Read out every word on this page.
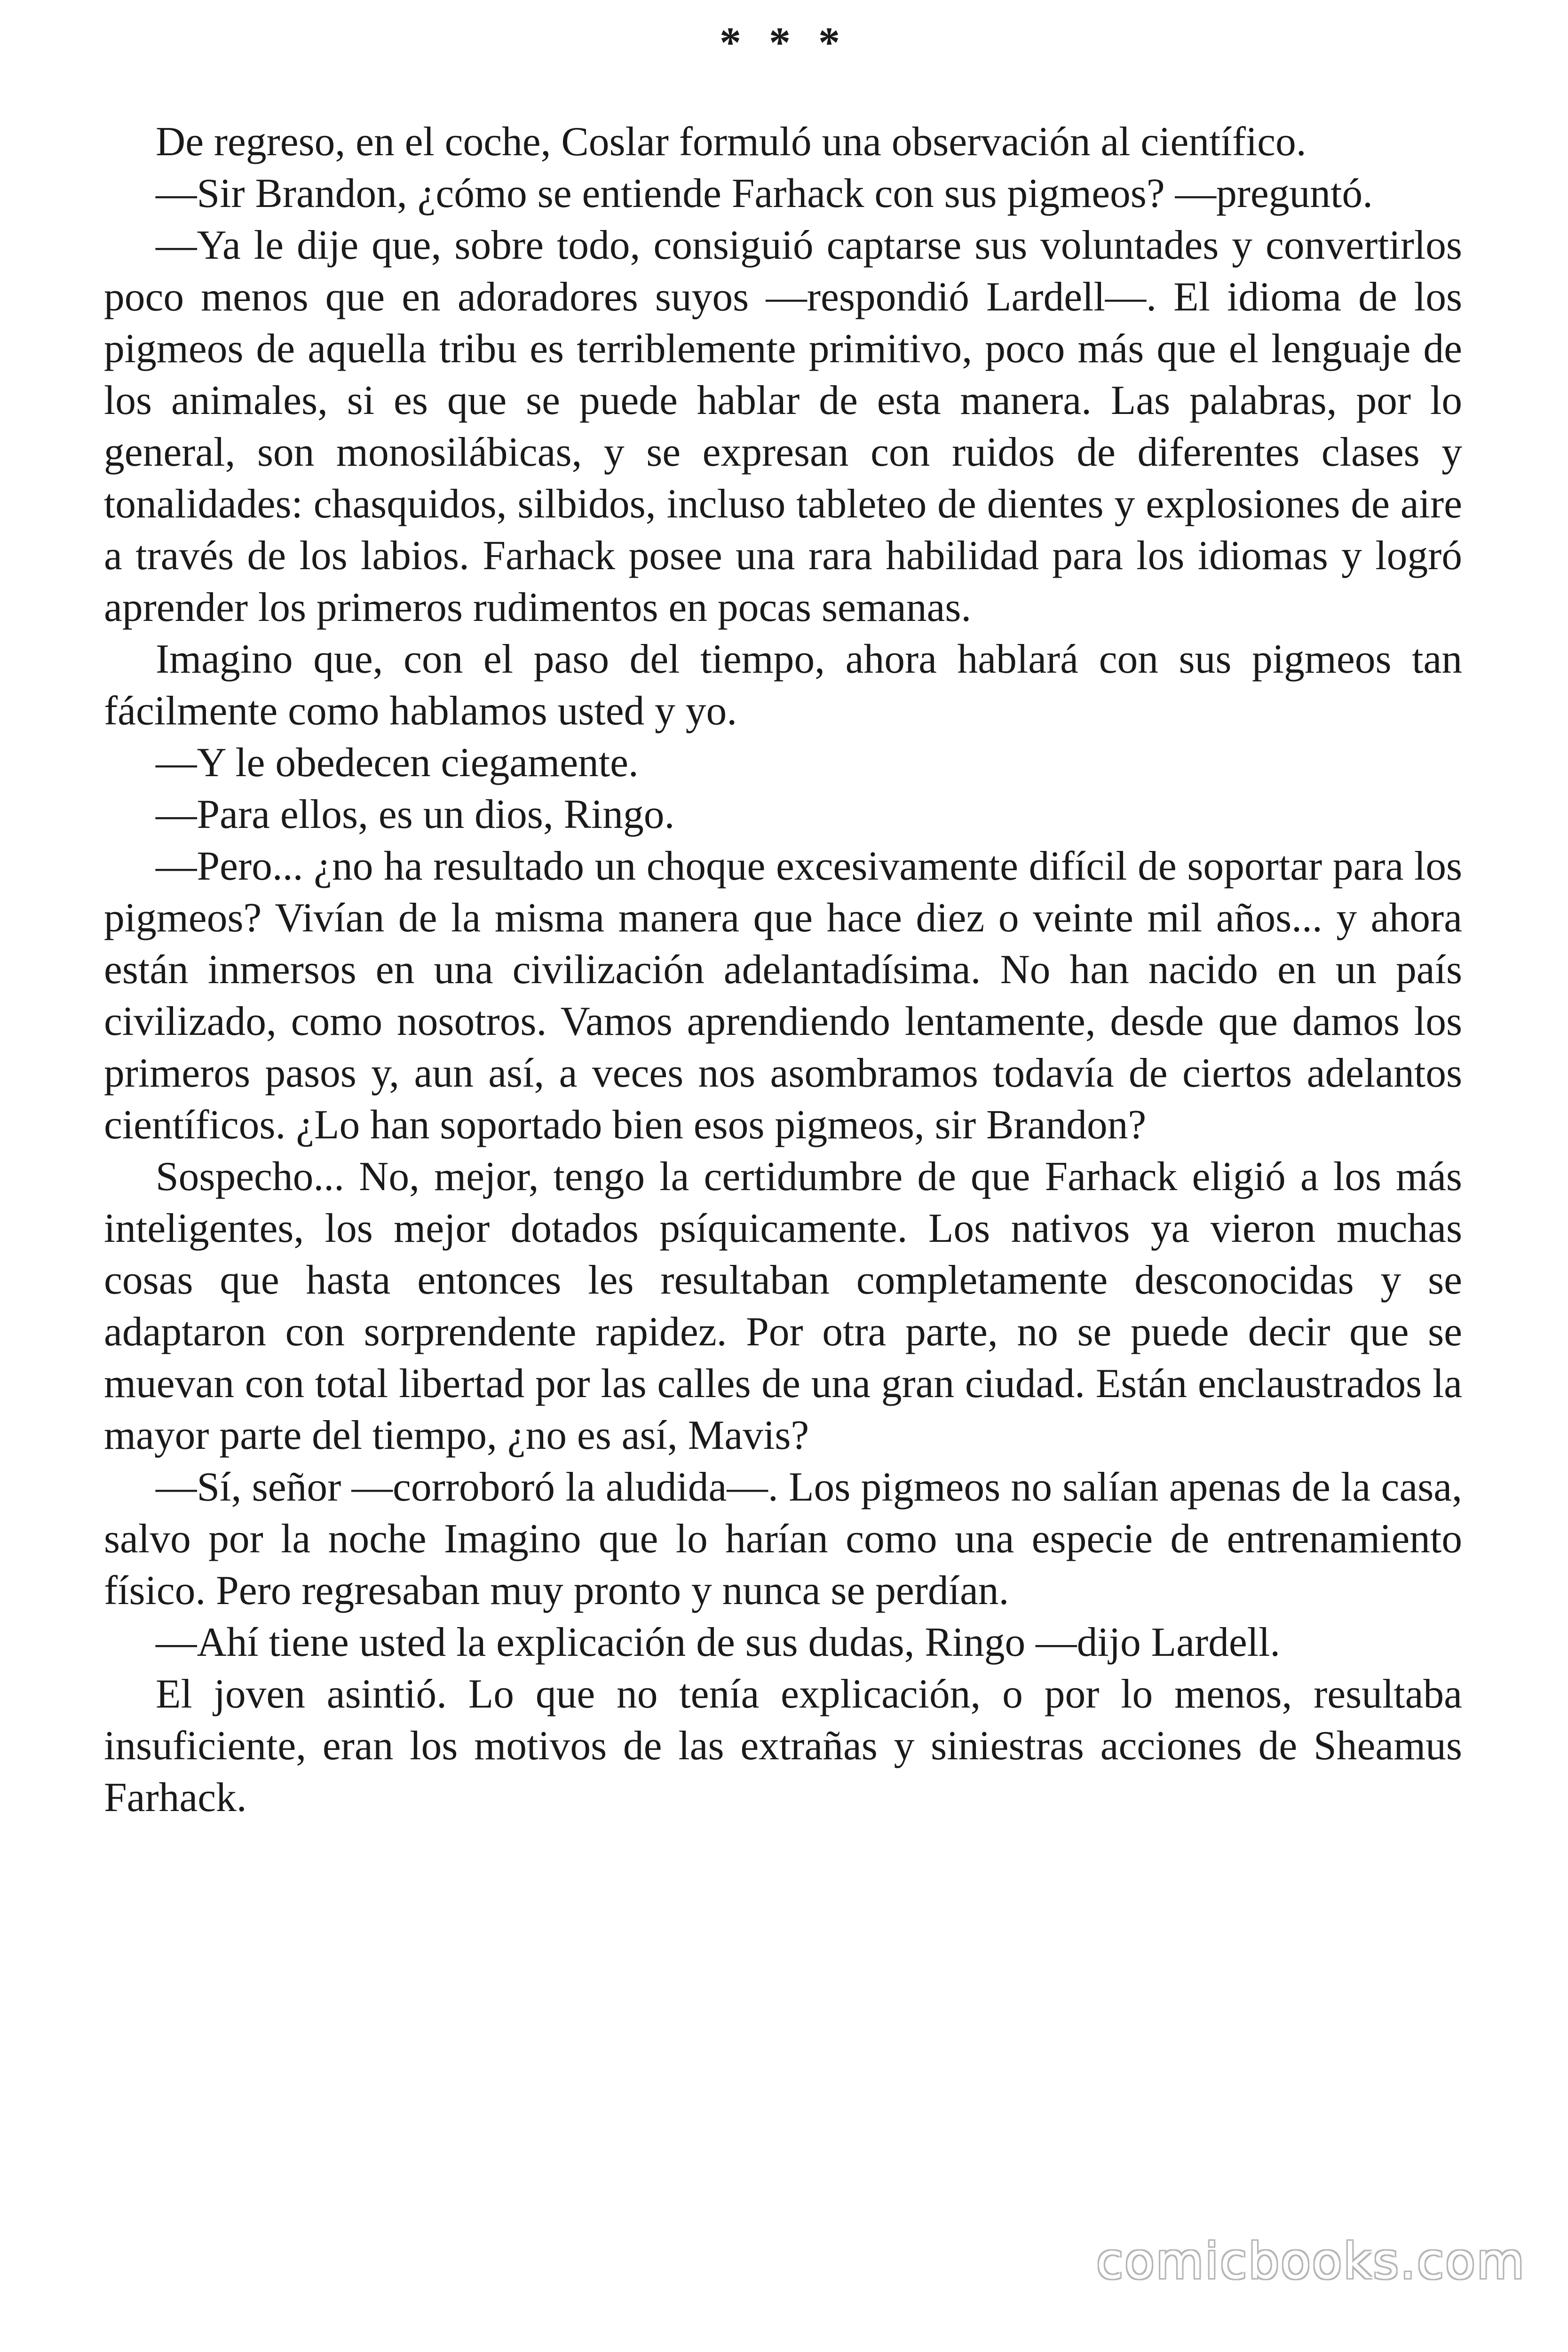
* * *

De regreso, en el coche, Coslar formuló una observación al científico.

—Sir Brandon, ¿cómo se entiende Farhack con sus pigmeos? —preguntó.

—Ya le dije que, sobre todo, consiguió captarse sus voluntades y convertirlos poco menos que en adoradores suyos —respondió Lardell—. El idioma de los pigmeos de aquella tribu es terriblemente primitivo, poco más que el lenguaje de los animales, si es que se puede hablar de esta manera. Las palabras, por lo general, son monosilábicas, y se expresan con ruidos de diferentes clases y tonalidades: chasquidos, silbidos, incluso tableteo de dientes y explosiones de aire a través de los labios. Farhack posee una rara habilidad para los idiomas y logró aprender los primeros rudimentos en pocas semanas.

Imagino que, con el paso del tiempo, ahora hablará con sus pigmeos tan fácilmente como hablamos usted y yo.

—Y le obedecen ciegamente.

—Para ellos, es un dios, Ringo.

—Pero... ¿no ha resultado un choque excesivamente difícil de soportar para los pigmeos? Vivían de la misma manera que hace diez o veinte mil años... y ahora están inmersos en una civilización adelantadísima. No han nacido en un país civilizado, como nosotros. Vamos aprendiendo lentamente, desde que damos los primeros pasos y, aun así, a veces nos asombramos todavía de ciertos adelantos científicos. ¿Lo han soportado bien esos pigmeos, sir Brandon?

Sospecho... No, mejor, tengo la certidumbre de que Farhack eligió a los más inteligentes, los mejor dotados psíquicamente. Los nativos ya vieron muchas cosas que hasta entonces les resultaban completamente desconocidas y se adaptaron con sorprendente rapidez. Por otra parte, no se puede decir que se muevan con total libertad por las calles de una gran ciudad. Están enclaustrados la mayor parte del tiempo, ¿no es así, Mavis?

—Sí, señor —corroboró la aludida—. Los pigmeos no salían apenas de la casa, salvo por la noche Imagino que lo harían como una especie de entrenamiento físico. Pero regresaban muy pronto y nunca se perdían.

—Ahí tiene usted la explicación de sus dudas, Ringo —dijo Lardell.

El joven asintió. Lo que no tenía explicación, o por lo menos, resultaba insuficiente, eran los motivos de las extrañas y siniestras acciones de Sheamus Farhack.

comicbooks.com
